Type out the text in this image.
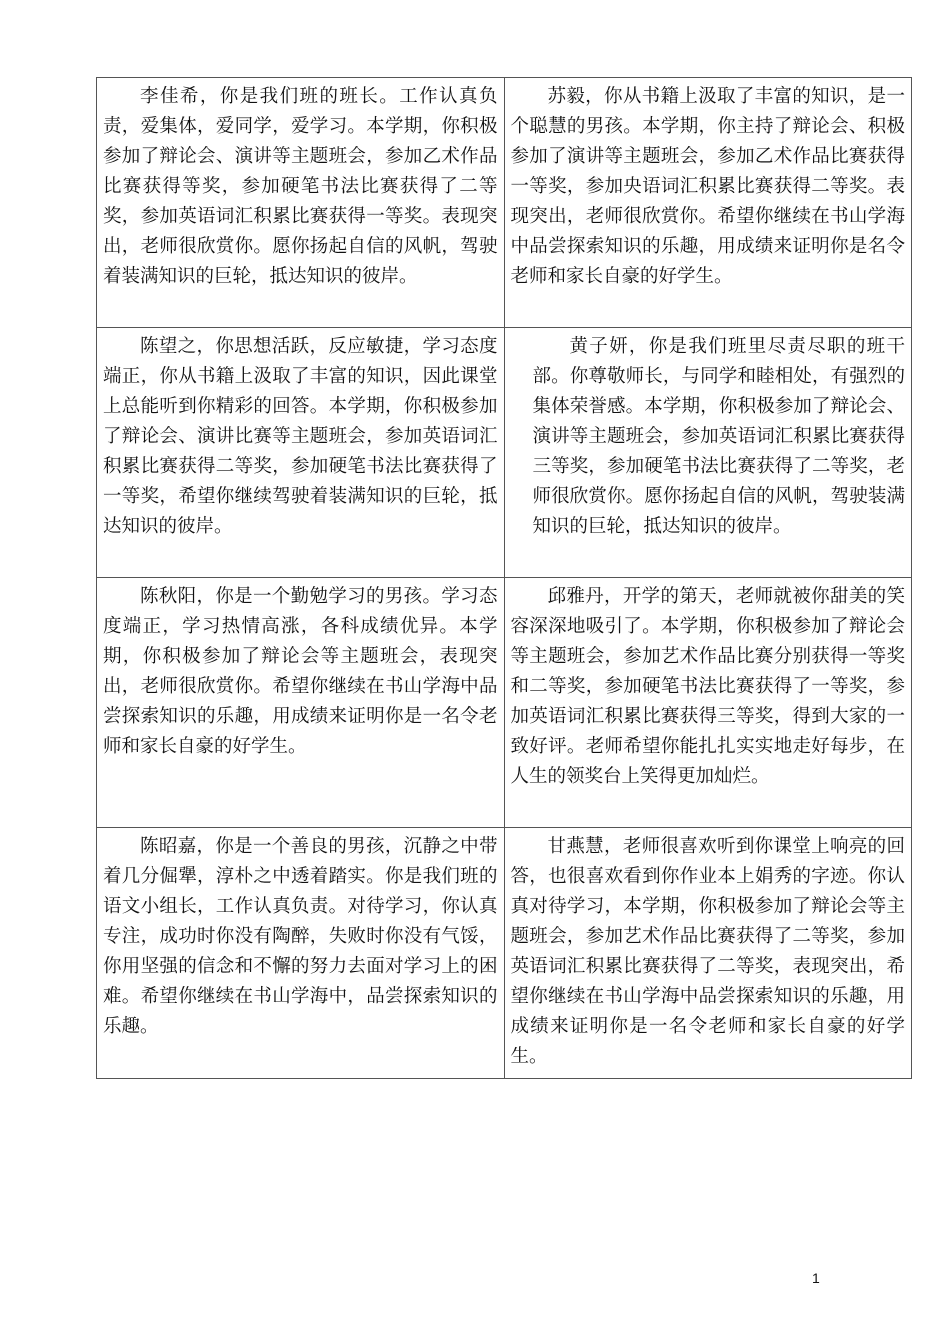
李佳希，你是我们班的班长。工作认真负责，爱集体，爱同学，爱学习。本学期，你积极参加了辩论会、演讲等主题班会，参加乙术作品比赛获得等奖，参加硬笔书法比赛获得了二等奖，参加英语词汇积累比赛获得一等奖。表现突出，老师很欣赏你。愿你扬起自信的风帆，驾驶着装满知识的巨轮，抵达知识的彼岸。	苏毅，你从书籍上汲取了丰富的知识，是一个聪慧的男孩。本学期，你主持了辩论会、积极参加了演讲等主题班会，参加乙术作品比赛获得一等奖，参加央语词汇积累比赛获得二等奖。表现突出，老师很欣赏你。希望你继续在书山学海中品尝探索知识的乐趣，用成绩来证明你是名令老师和家长自豪的好学生。
陈望之，你思想活跃，反应敏捷，学习态度端正，你从书籍上汲取了丰富的知识，因此课堂上总能听到你精彩的回答。本学期，你积极参加了辩论会、演讲比赛等主题班会，参加英语词汇积累比赛获得二等奖，参加硬笔书法比赛获得了一等奖，希望你继续驾驶着装满知识的巨轮，抵达知识的彼岸。	黄子妍，你是我们班里尽责尽职的班干部。你尊敬师长，与同学和睦相处，有强烈的集体荣誉感。本学期，你积极参加了辩论会、演讲等主题班会，参加英语词汇积累比赛获得三等奖，参加硬笔书法比赛获得了二等奖，老师很欣赏你。愿你扬起自信的风帆，驾驶装满知识的巨轮，抵达知识的彼岸。
陈秋阳，你是一个勤勉学习的男孩。学习态度端正，学习热情高涨，各科成绩优异。本学期，你积极参加了辩论会等主题班会，表现突出，老师很欣赏你。希望你继续在书山学海中品尝探索知识的乐趣，用成绩来证明你是一名令老师和家长自豪的好学生。	邱雅丹，开学的第天，老师就被你甜美的笑容深深地吸引了。本学期，你积极参加了辩论会等主题班会，参加艺术作品比赛分别获得一等奖和二等奖，参加硬笔书法比赛获得了一等奖，参加英语词汇积累比赛获得三等奖，得到大家的一致好评。老师希望你能扎扎实实地走好每步，在人生的领奖台上笑得更加灿烂。
陈昭嘉，你是一个善良的男孩，沉静之中带着几分倔犟，淳朴之中透着踏实。你是我们班的语文小组长，工作认真负责。对待学习，你认真专注，成功时你没有陶醉，失败时你没有气馁，你用坚强的信念和不懈的努力去面对学习上的困难。希望你继续在书山学海中，品尝探索知识的乐趣。	甘燕慧，老师很喜欢听到你课堂上响亮的回答，也很喜欢看到你作业本上娟秀的字迹。你认真对待学习，本学期，你积极参加了辩论会等主题班会，参加艺术作品比赛获得了二等奖，参加英语词汇积累比赛获得了二等奖，表现突出，希望你继续在书山学海中品尝探索知识的乐趣，用成绩来证明你是一名令老师和家长自豪的好学生。
1
